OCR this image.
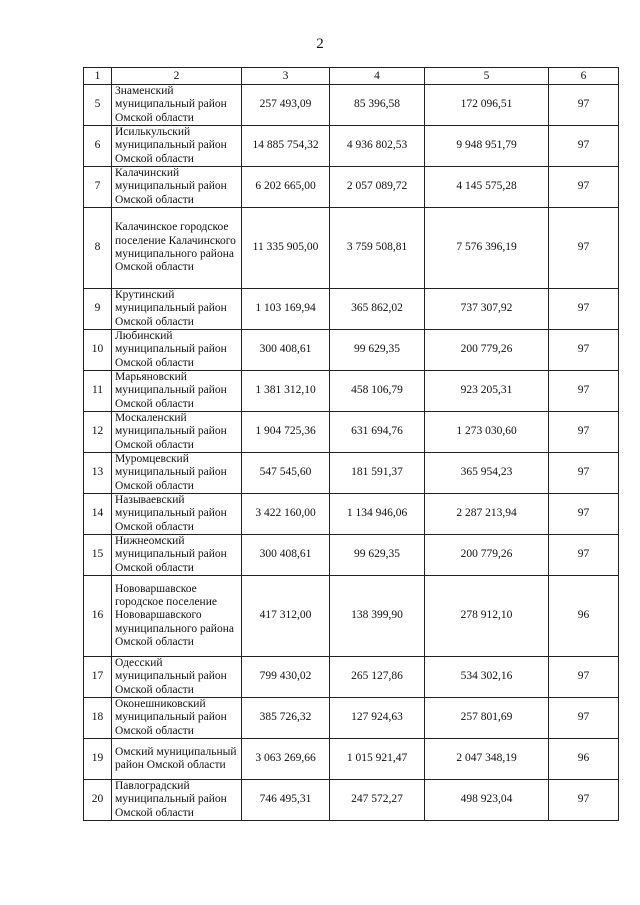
2
1	2	3	4	5	6
5	Знаменский муниципальный район Омской области	257 493,09	85 396,58	172 096,51	97
6	Исилькульский муниципальный район Омской области	14 885 754,32	4 936 802,53	9 948 951,79	97
7	Калачинский муниципальный район Омской области	6 202 665,00	2 057 089,72	4 145 575,28	97
8	Калачинское городское поселение Калачинского муниципального района Омской области	11 335 905,00	3 759 508,81	7 576 396,19	97
9	Крутинский муниципальный район Омской области	1 103 169,94	365 862,02	737 307,92	97
10	Любинский муниципальный район Омской области	300 408,61	99 629,35	200 779,26	97
11	Марьяновский муниципальный район Омской области	1 381 312,10	458 106,79	923 205,31	97
12	Москаленский муниципальный район Омской области	1 904 725,36	631 694,76	1 273 030,60	97
13	Муромцевский муниципальный район Омской области	547 545,60	181 591,37	365 954,23	97
14	Называевский муниципальный район Омской области	3 422 160,00	1 134 946,06	2 287 213,94	97
15	Нижнеомский муниципальный район Омской области	300 408,61	99 629,35	200 779,26	97
16	Нововаршавское городское поселение Нововаршавского муниципального района Омской области	417 312,00	138 399,90	278 912,10	96
17	Одесский муниципальный район Омской области	799 430,02	265 127,86	534 302,16	97
18	Оконешниковский муниципальный район Омской области	385 726,32	127 924,63	257 801,69	97
19	Омский муниципальный район Омской области	3 063 269,66	1 015 921,47	2 047 348,19	96
20	Павлоградский муниципальный район Омской области	746 495,31	247 572,27	498 923,04	97
